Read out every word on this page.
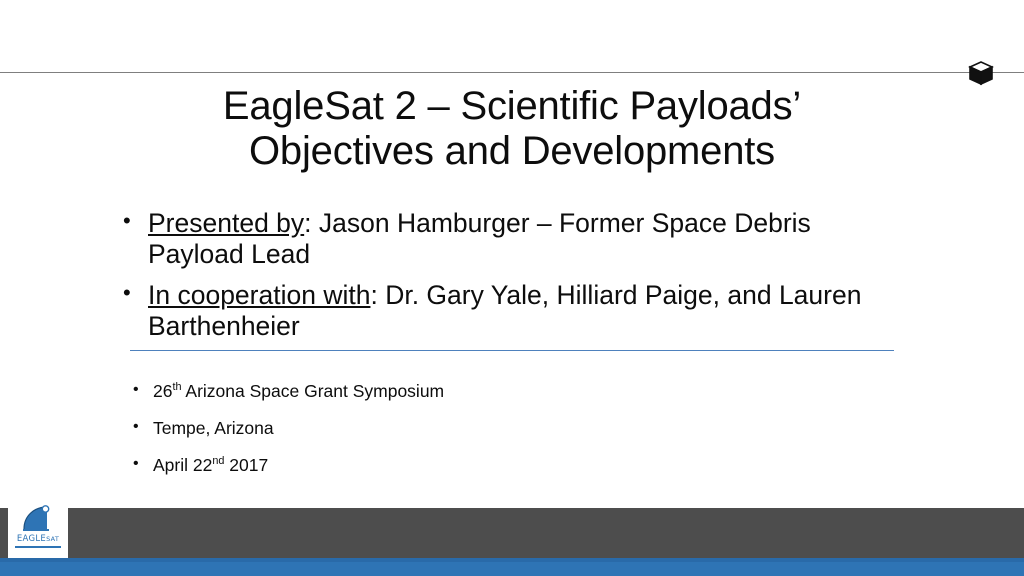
EagleSat 2 – Scientific Payloads’
Objectives and Developments
• Presented by: Jason Hamburger – Former Space Debris Payload Lead
• In cooperation with: Dr. Gary Yale, Hilliard Paige, and Lauren Barthenheier
• 26th Arizona Space Grant Symposium
• Tempe, Arizona
• April 22nd 2017
EAGLESAT
